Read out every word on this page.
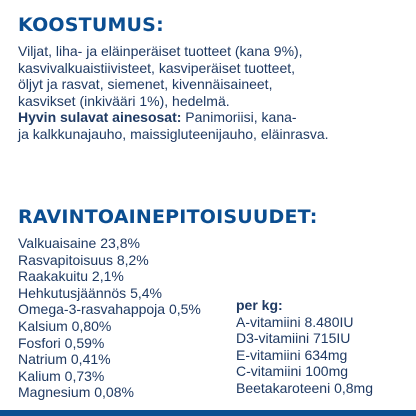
KOOSTUMUS:
Viljat, liha- ja eläinperäiset tuotteet (kana 9%),
kasvivalkuaistiivisteet, kasviperäiset tuotteet,
öljyt ja rasvat, siemenet, kivennäisaineet,
kasvikset (inkivääri 1%), hedelmä.
Hyvin sulavat ainesosat: Panimoriisi, kana-
ja kalkkunajauho, maissigluteenijauho, eläinrasva.
RAVINTOAINEPITOISUUDET:
Valkuaisaine 23,8%
Rasvapitoisuus 8,2%
Raakakuitu 2,1%
Hehkutusjäännös 5,4%
Omega-3-rasvahappoja 0,5%
Kalsium 0,80%
Fosfori 0,59%
Natrium 0,41%
Kalium 0,73%
Magnesium 0,08%
per kg:
A-vitamiini 8.480IU
D3-vitamiini 715IU
E-vitamiini 634mg
C-vitamiini 100mg
Beetakaroteeni 0,8mg
